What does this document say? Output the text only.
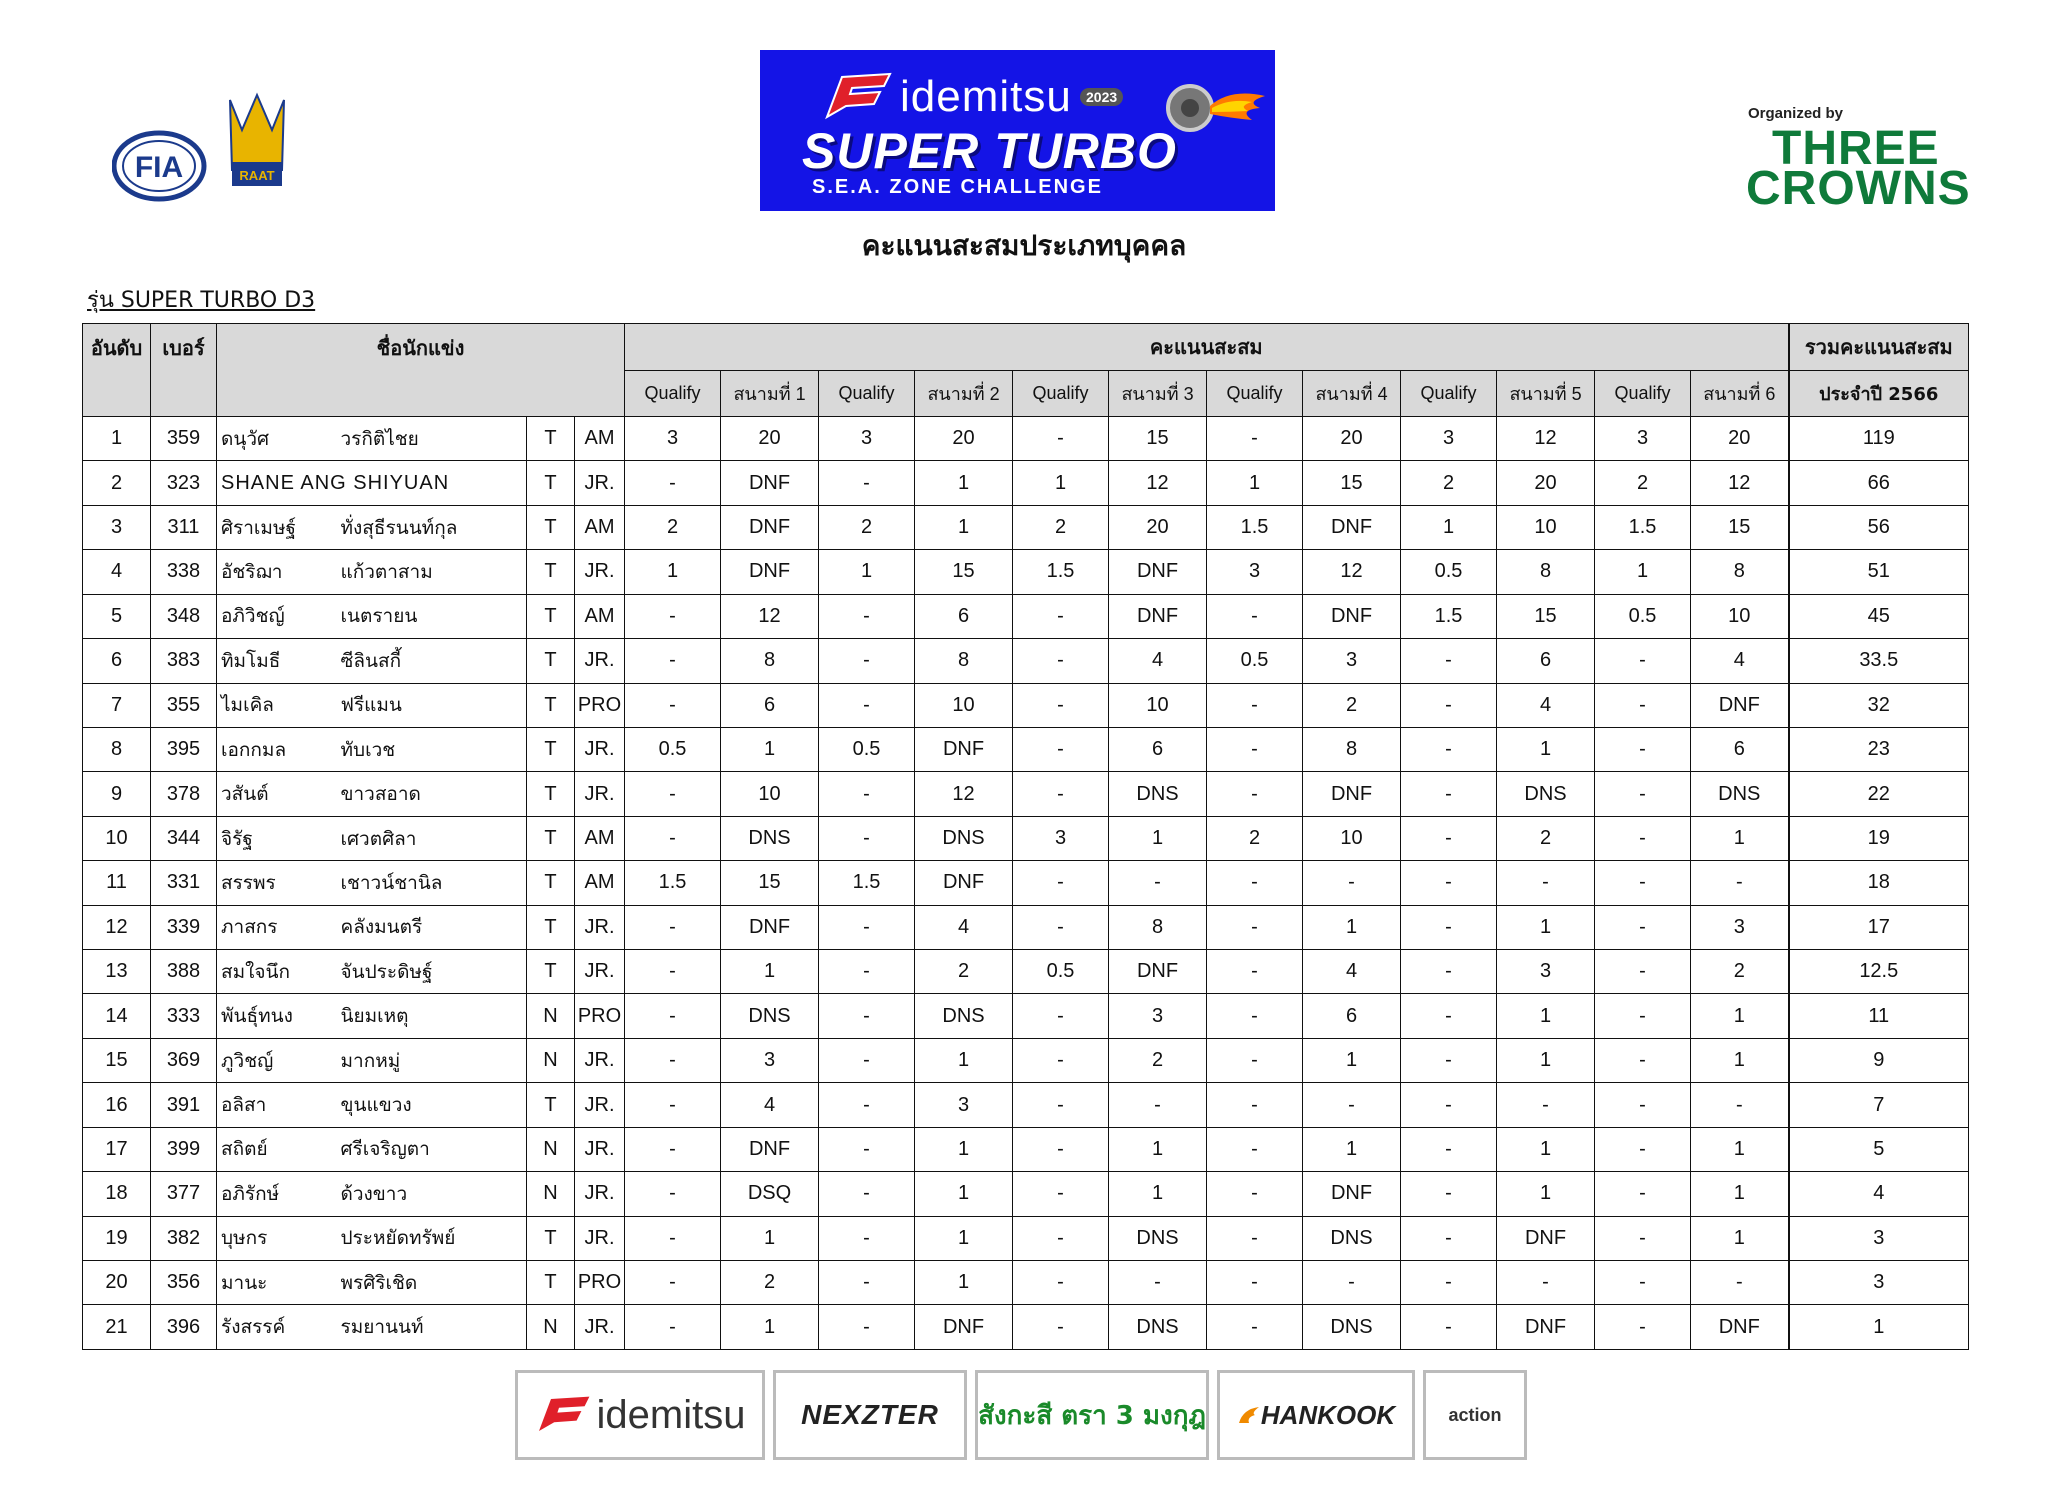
FIA	RAAT
idemitsu	2023
SUPER TURBO
S.E.A. ZONE CHALLENGE
Organized by
THREE
CROWNS
คะแนนสะสมประเภทบุคคล
รุ่น SUPER TURBO D3
อันดับ	เบอร์	ชื่อนักแข่ง				คะแนนสะสม												รวมคะแนนสะสม
						Qualify	สนามที่ 1	Qualify	สนามที่ 2	Qualify	สนามที่ 3	Qualify	สนามที่ 4	Qualify	สนามที่ 5	Qualify	สนามที่ 6	ประจำปี 2566
1	359	ดนุวัศ	วรกิติไชย	T	AM	3	20	3	20	-	15	-	20	3	12	3	20	119
2	323	SHANE ANG SHIYUAN		T	JR.	-	DNF	-	1	1	12	1	15	2	20	2	12	66
3	311	ศิราเมษฐ์	ทั่งสุธีรนนท์กุล	T	AM	2	DNF	2	1	2	20	1.5	DNF	1	10	1.5	15	56
4	338	อัชริฌา	แก้วตาสาม	T	JR.	1	DNF	1	15	1.5	DNF	3	12	0.5	8	1	8	51
5	348	อภิวิชญ์	เนตรายน	T	AM	-	12	-	6	-	DNF	-	DNF	1.5	15	0.5	10	45
6	383	ทิมโมธี	ซีลินสกี้	T	JR.	-	8	-	8	-	4	0.5	3	-	6	-	4	33.5
7	355	ไมเคิล	ฟรีแมน	T	PRO	-	6	-	10	-	10	-	2	-	4	-	DNF	32
8	395	เอกกมล	ทับเวช	T	JR.	0.5	1	0.5	DNF	-	6	-	8	-	1	-	6	23
9	378	วสันต์	ขาวสอาด	T	JR.	-	10	-	12	-	DNS	-	DNF	-	DNS	-	DNS	22
10	344	จิรัฐ	เศวตศิลา	T	AM	-	DNS	-	DNS	3	1	2	10	-	2	-	1	19
11	331	สรรพร	เชาวน์ชานิล	T	AM	1.5	15	1.5	DNF	-	-	-	-	-	-	-	-	18
12	339	ภาสกร	คลังมนตรี	T	JR.	-	DNF	-	4	-	8	-	1	-	1	-	3	17
13	388	สมใจนึก	จันประดิษฐ์	T	JR.	-	1	-	2	0.5	DNF	-	4	-	3	-	2	12.5
14	333	พันธุ์ทนง	นิยมเหตุ	N	PRO	-	DNS	-	DNS	-	3	-	6	-	1	-	1	11
15	369	ภูวิชญ์	มากหมู่	N	JR.	-	3	-	1	-	2	-	1	-	1	-	1	9
16	391	อลิสา	ขุนแขวง	T	JR.	-	4	-	3	-	-	-	-	-	-	-	-	7
17	399	สถิตย์	ศรีเจริญตา	N	JR.	-	DNF	-	1	-	1	-	1	-	1	-	1	5
18	377	อภิรักษ์	ด้วงขาว	N	JR.	-	DSQ	-	1	-	1	-	DNF	-	1	-	1	4
19	382	บุษกร	ประหยัดทรัพย์	T	JR.	-	1	-	1	-	DNS	-	DNS	-	DNF	-	1	3
20	356	มานะ	พรศิริเชิด	T	PRO	-	2	-	1	-	-	-	-	-	-	-	-	3
21	396	รังสรรค์	รมยานนท์	N	JR.	-	1	-	DNF	-	DNS	-	DNS	-	DNF	-	DNF	1
idemitsu NEXZTER สังกะสี ตรา 3 มงกุฎ HANKOOK	action
